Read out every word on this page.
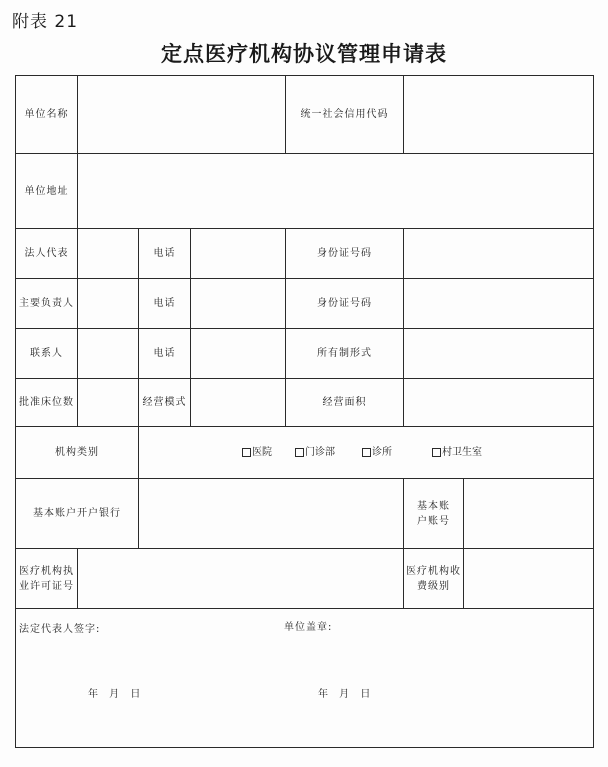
附表 21
定点医疗机构协议管理申请表
单位名称				统一社会信用代码		
单位地址						
法人代表		电话		身份证号码		
主要负责人		电话		身份证号码		
联系人		电话		所有制形式		
批准床位数		经营模式		经营面积		
机构类别		医院 门诊部 诊所 村卫生室				

基本账户开户银行					基本账户账号	
医疗机构执业许可证号					医疗机构收费级别	

法定代表人签字: 单位盖章:
年 月 日 年 月 日						
